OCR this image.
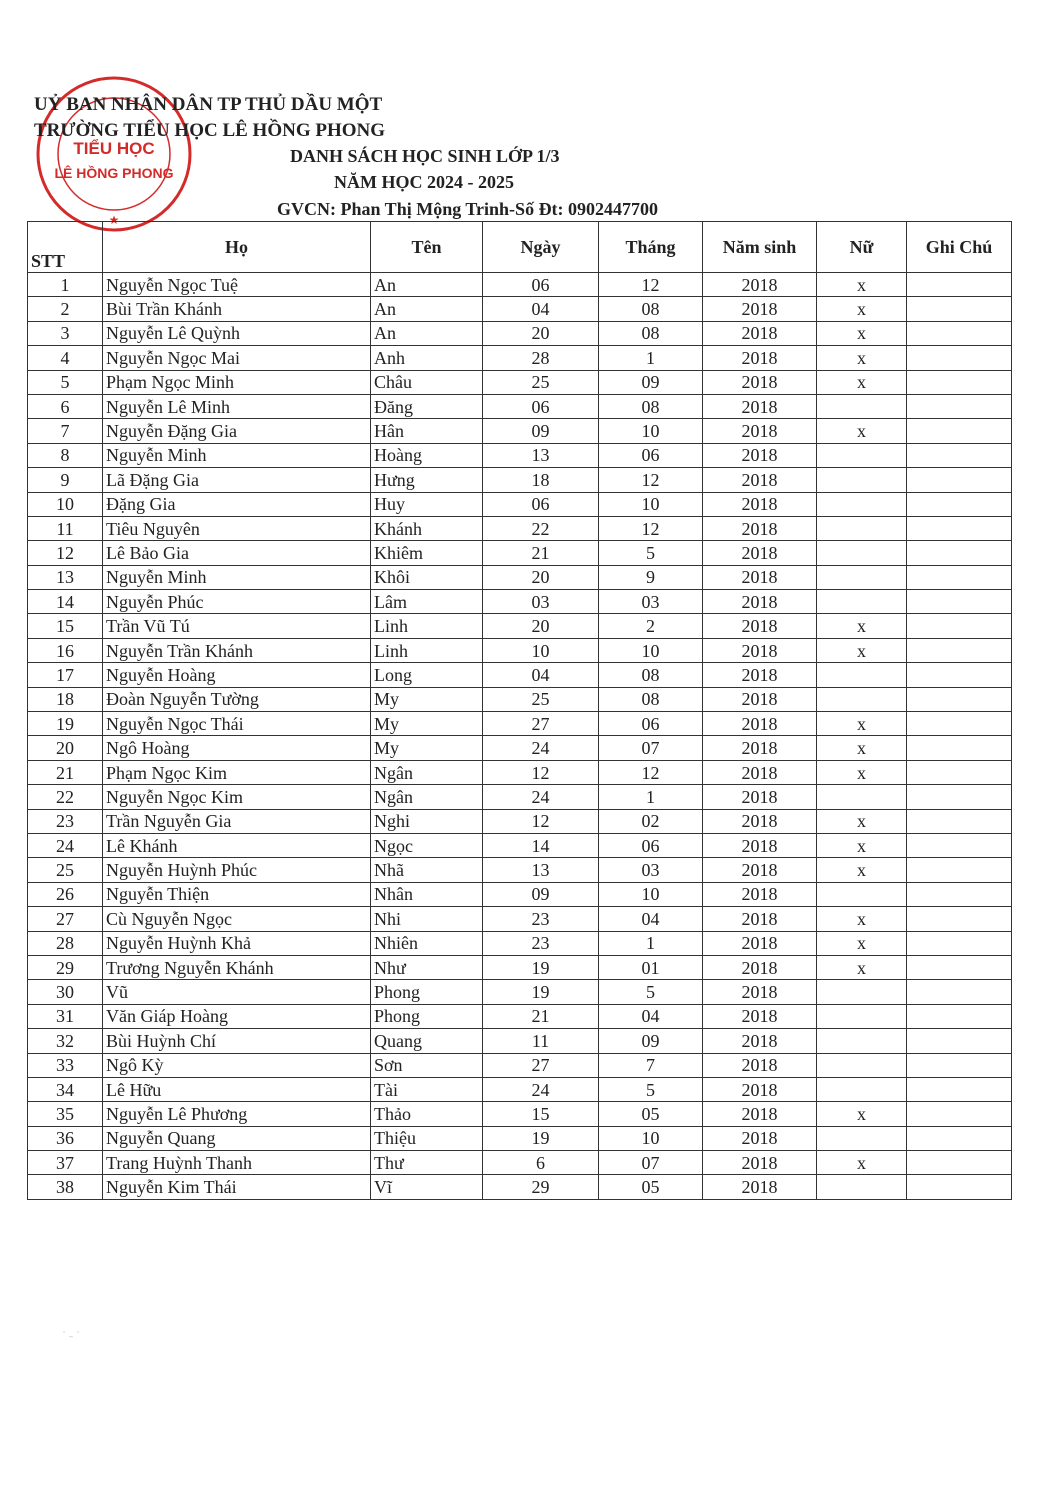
TIỂU HỌC
LÊ HỒNG PHONG
★
UỶ BAN NHÂN DÂN TP THỦ DẦU MỘT
TRƯỜNG TIỂU HỌC LÊ HỒNG PHONG
DANH SÁCH HỌC SINH LỚP 1/3
NĂM HỌC 2024 - 2025
GVCN: Phan Thị Mộng Trinh-Số Đt: 0902447700
STT	Họ	Tên	Ngày	Tháng	Năm sinh	Nữ	Ghi Chú
1	Nguyễn Ngọc Tuệ	An	06	12	2018	x	
2	Bùi Trần Khánh	An	04	08	2018	x	
3	Nguyễn Lê Quỳnh	An	20	08	2018	x	
4	Nguyễn Ngọc Mai	Anh	28	1	2018	x	
5	Phạm Ngọc Minh	Châu	25	09	2018	x	
6	Nguyễn Lê Minh	Đăng	06	08	2018		
7	Nguyễn Đặng Gia	Hân	09	10	2018	x	
8	Nguyễn Minh	Hoàng	13	06	2018		
9	Lã Đặng Gia	Hưng	18	12	2018		
10	Đặng Gia	Huy	06	10	2018		
11	Tiêu Nguyên	Khánh	22	12	2018		
12	Lê Bảo Gia	Khiêm	21	5	2018		
13	Nguyễn Minh	Khôi	20	9	2018		
14	Nguyễn Phúc	Lâm	03	03	2018		
15	Trần Vũ Tú	Linh	20	2	2018	x	
16	Nguyễn Trần Khánh	Linh	10	10	2018	x	
17	Nguyễn Hoàng	Long	04	08	2018		
18	Đoàn Nguyễn Tường	My	25	08	2018		
19	Nguyễn Ngọc Thái	My	27	06	2018	x	
20	Ngô Hoàng	My	24	07	2018	x	
21	Phạm Ngọc Kim	Ngân	12	12	2018	x	
22	Nguyễn Ngọc Kim	Ngân	24	1	2018		
23	Trần Nguyễn Gia	Nghi	12	02	2018	x	
24	Lê Khánh	Ngọc	14	06	2018	x	
25	Nguyễn Huỳnh Phúc	Nhã	13	03	2018	x	
26	Nguyễn Thiện	Nhân	09	10	2018		
27	Cù Nguyễn Ngọc	Nhi	23	04	2018	x	
28	Nguyễn Huỳnh Khả	Nhiên	23	1	2018	x	
29	Trương Nguyễn Khánh	Như	19	01	2018	x	
30	Vũ	Phong	19	5	2018		
31	Văn Giáp Hoàng	Phong	21	04	2018		
32	Bùi Huỳnh Chí	Quang	11	09	2018		
33	Ngô Kỳ	Sơn	27	7	2018		
34	Lê Hữu	Tài	24	5	2018		
35	Nguyễn Lê Phương	Thảo	15	05	2018	x	
36	Nguyễn Quang	Thiệu	19	10	2018		
37	Trang Huỳnh Thanh	Thư	6	07	2018	x	
38	Nguyễn Kim Thái	Vĩ	29	05	2018		
˙ ˗ ˙
